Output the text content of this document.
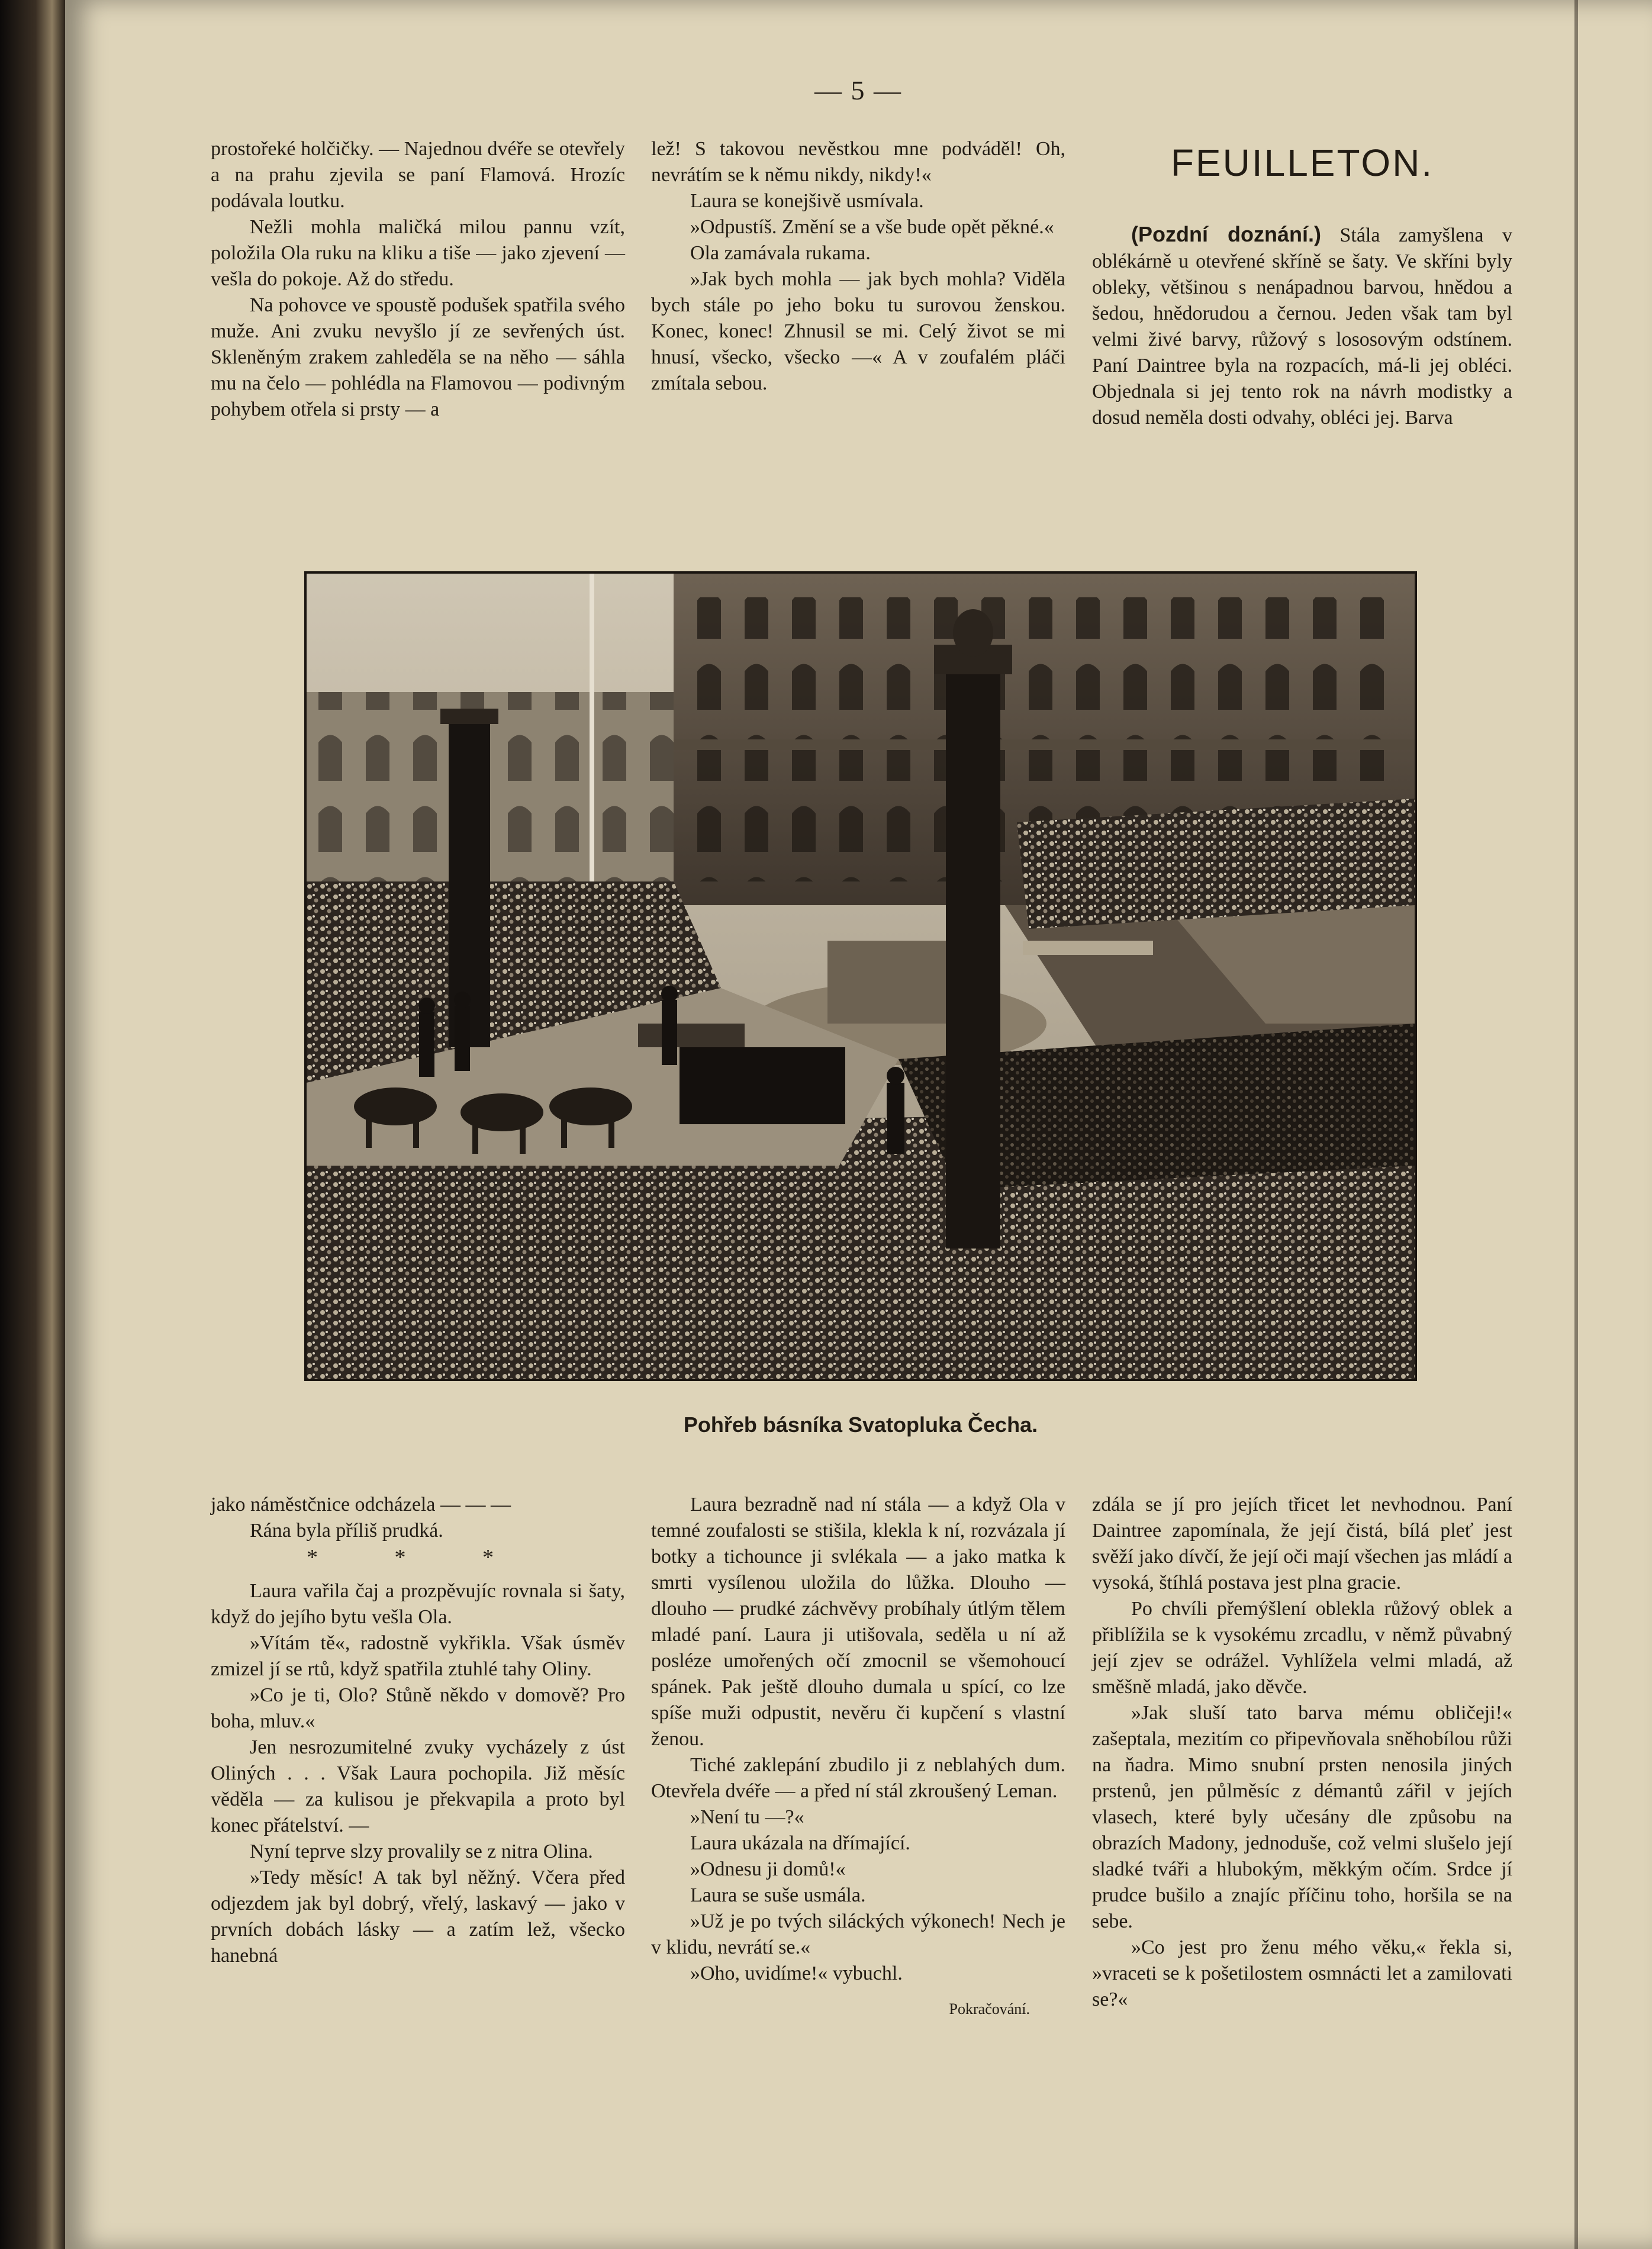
— 5 —

prostořeké holčičky. — Najednou dvéře se otevřely a na prahu zjevila se paní Flamová. Hrozíc podávala loutku.

Nežli mohla maličká milou pannu vzít, položila Ola ruku na kliku a tiše — jako zjevení — vešla do pokoje. Až do středu.

Na pohovce ve spoustě podušek spatřila svého muže. Ani zvuku nevyšlo jí ze sevřených úst. Skleněným zrakem zahleděla se na něho — sáhla mu na čelo — pohlédla na Flamovou — podivným pohybem otřela si prsty — a

lež! S takovou nevěstkou mne podváděl! Oh, nevrátím se k němu nikdy, nikdy!«

Laura se konejšivě usmívala.

»Odpustíš. Změní se a vše bude opět pěkné.«

Ola zamávala rukama.

»Jak bych mohla — jak bych mohla? Viděla bych stále po jeho boku tu surovou ženskou. Konec, konec! Zhnusil se mi. Celý život se mi hnusí, všecko, všecko —« A v zoufalém pláči zmítala sebou.

FEUILLETON.

(Pozdní doznání.) Stála zamyšlena v oblékárně u otevřené skříně se šaty. Ve skříni byly obleky, většinou s nenápadnou barvou, hnědou a šedou, hnědorudou a černou. Jeden však tam byl velmi živé barvy, růžový s lososovým odstínem. Paní Daintree byla na rozpacích, má-li jej obléci. Objednala si jej tento rok na návrh modistky a dosud neměla dosti odvahy, obléci jej. Barva

Pohřeb básníka Svatopluka Čecha.

jako náměstčnice odcházela — — —

Rána byla příliš prudká.

* * *

Laura vařila čaj a prozpěvujíc rovnala si šaty, když do jejího bytu vešla Ola.

»Vítám tě«, radostně vykřikla. Však úsměv zmizel jí se rtů, když spatřila ztuhlé tahy Oliny.

»Co je ti, Olo? Stůně někdo v domově? Pro boha, mluv.«

Jen nesrozumitelné zvuky vycházely z úst Oliných . . . Však Laura pochopila. Již měsíc věděla — za kulisou je překvapila a proto byl konec přátelství. —

Nyní teprve slzy provalily se z nitra Olina.

»Tedy měsíc! A tak byl něžný. Včera před odjezdem jak byl dobrý, vřelý, laskavý — jako v prvních dobách lásky — a zatím lež, všecko hanebná

Laura bezradně nad ní stála — a když Ola v temné zoufalosti se stišila, klekla k ní, rozvázala jí botky a tichounce ji svlékala — a jako matka k smrti vysílenou uložila do lůžka. Dlouho — dlouho — prudké záchvěvy probíhaly útlým tělem mladé paní. Laura ji utišovala, seděla u ní až posléze umořených očí zmocnil se všemohoucí spánek. Pak ještě dlouho dumala u spící, co lze spíše muži odpustit, nevěru či kupčení s vlastní ženou.

Tiché zaklepání zbudilo ji z neblahých dum. Otevřela dvéře — a před ní stál zkroušený Leman.

»Není tu —?«

Laura ukázala na dřímající.

»Odnesu ji domů!«

Laura se suše usmála.

»Už je po tvých siláckých výkonech! Nech je v klidu, nevrátí se.«

»Oho, uvidíme!« vybuchl.

Pokračování.

zdála se jí pro jejích třicet let nevhodnou. Paní Daintree zapomínala, že její čistá, bílá pleť jest svěží jako dívčí, že její oči mají všechen jas mládí a vysoká, štíhlá postava jest plna gracie.

Po chvíli přemýšlení oblekla růžový oblek a přiblížila se k vysokému zrcadlu, v němž půvabný její zjev se odrážel. Vyhlížela velmi mladá, až směšně mladá, jako děvče.

»Jak sluší tato barva mému obličeji!« zašeptala, mezitím co připevňovala sněhobílou růži na ňadra. Mimo snubní prsten nenosila jiných prstenů, jen půlměsíc z démantů zářil v jejích vlasech, které byly učesány dle způsobu na obrazích Madony, jednoduše, což velmi slušelo její sladké tváři a hlubokým, měkkým očím. Srdce jí prudce bušilo a znajíc příčinu toho, horšila se na sebe.

»Co jest pro ženu mého věku,« řekla si, »vraceti se k pošetilostem osmnácti let a zamilovati se?«
